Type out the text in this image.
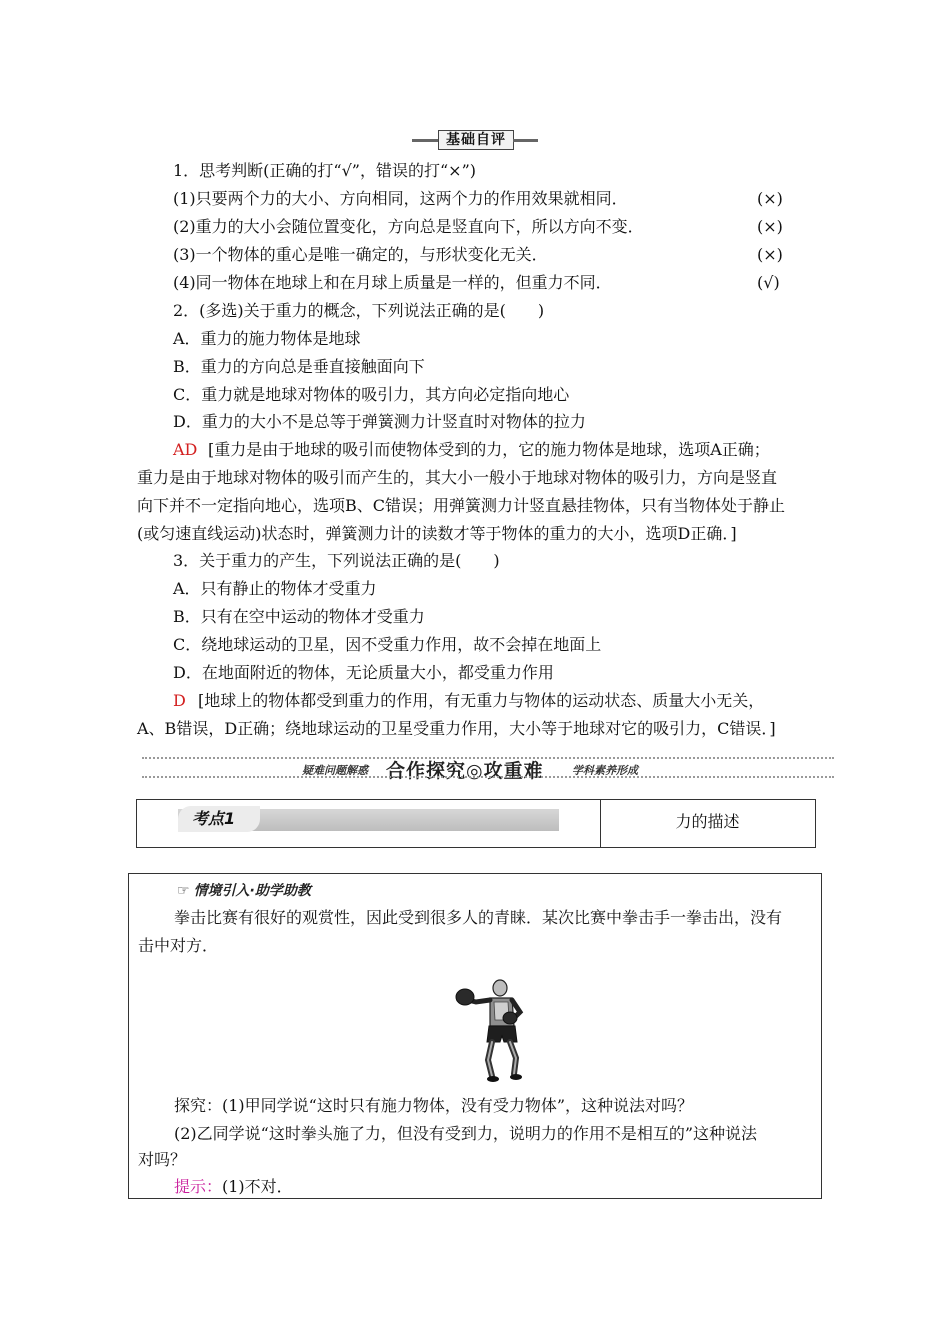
基础自评
1．思考判断(正确的打“√”，错误的打“×”)
(1)只要两个力的大小、方向相同，这两个力的作用效果就相同．	(×)
(2)重力的大小会随位置变化，方向总是竖直向下，所以方向不变．	(×)
(3)一个物体的重心是唯一确定的，与形状变化无关．	(×)
(4)同一物体在地球上和在月球上质量是一样的，但重力不同．	(√)
2．(多选)关于重力的概念，下列说法正确的是(　　)
A．重力的施力物体是地球
B．重力的方向总是垂直接触面向下
C．重力就是地球对物体的吸引力，其方向必定指向地心
D．重力的大小不是总等于弹簧测力计竖直时对物体的拉力
AD [重力是由于地球的吸引而使物体受到的力，它的施力物体是地球，选项A正确；
重力是由于地球对物体的吸引而产生的，其大小一般小于地球对物体的吸引力，方向是竖直
向下并不一定指向地心，选项B、C错误；用弹簧测力计竖直悬挂物体，只有当物体处于静止
(或匀速直线运动)状态时，弹簧测力计的读数才等于物体的重力的大小，选项D正确．]
3．关于重力的产生，下列说法正确的是(　　)
A．只有静止的物体才受重力
B．只有在空中运动的物体才受重力
C．绕地球运动的卫星，因不受重力作用，故不会掉在地面上
D．在地面附近的物体，无论质量大小，都受重力作用
D [地球上的物体都受到重力的作用，有无重力与物体的运动状态、质量大小无关，
A、B错误，D正确；绕地球运动的卫星受重力作用，大小等于地球对它的吸引力，C错误．]
疑难问题解惑 合作探究◎攻重难	学科素养形成
考点1	力的描述
☞ 情境引入·助学助教
拳击比赛有很好的观赏性，因此受到很多人的青睐．某次比赛中拳击手一拳击出，没有
击中对方．
探究：(1)甲同学说“这时只有施力物体，没有受力物体”，这种说法对吗？
(2)乙同学说“这时拳头施了力，但没有受到力，说明力的作用不是相互的”这种说法
对吗？
提示： (1)不对．
